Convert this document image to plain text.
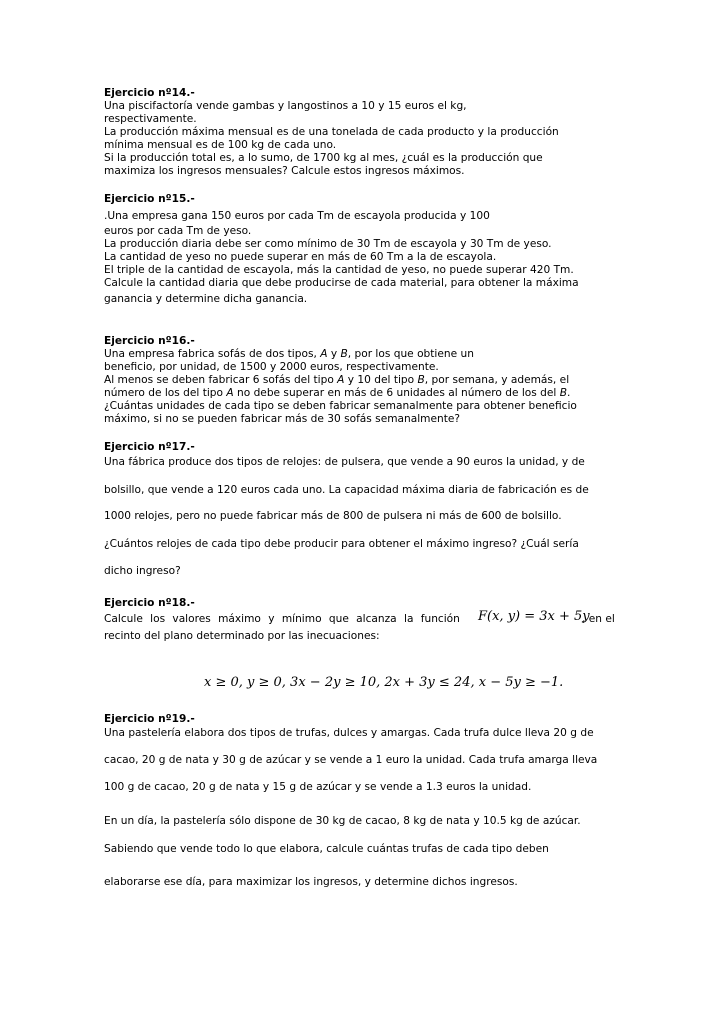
Ejercicio nº14.-
Una piscifactoría vende gambas y langostinos a 10 y 15 euros el kg,
respectivamente.
La producción máxima mensual es de una tonelada de cada producto y la producción
mínima mensual es de 100 kg de cada uno.
Si la producción total es, a lo sumo, de 1700 kg al mes, ¿cuál es la producción que
maximiza los ingresos mensuales? Calcule estos ingresos máximos.
Ejercicio nº15.-
.Una empresa gana 150 euros por cada Tm de escayola producida y 100
euros por cada Tm de yeso.
La producción diaria debe ser como mínimo de 30 Tm de escayola y 30 Tm de yeso.
La cantidad de yeso no puede superar en más de 60 Tm a la de escayola.
El triple de la cantidad de escayola, más la cantidad de yeso, no puede superar 420 Tm.
Calcule la cantidad diaria que debe producirse de cada material, para obtener la máxima
ganancia y determine dicha ganancia.
Ejercicio nº16.-
Una empresa fabrica sofás de dos tipos, A y B, por los que obtiene un
beneficio, por unidad, de 1500 y 2000 euros, respectivamente.
Al menos se deben fabricar 6 sofás del tipo A y 10 del tipo B, por semana, y además, el
número de los del tipo A no debe superar en más de 6 unidades al número de los del B.
¿Cuántas unidades de cada tipo se deben fabricar semanalmente para obtener beneficio
máximo, si no se pueden fabricar más de 30 sofás semanalmente?
Ejercicio nº17.-
Una fábrica produce dos tipos de relojes: de pulsera, que vende a 90 euros la unidad, y de
bolsillo, que vende a 120 euros cada uno. La capacidad máxima diaria de fabricación es de
1000 relojes, pero no puede fabricar más de 800 de pulsera ni más de 600 de bolsillo.
¿Cuántos relojes de cada tipo debe producir para obtener el máximo ingreso? ¿Cuál sería
dicho ingreso?
Ejercicio nº18.-
Calcule los valores máximo y mínimo que alcanza la función F(x, y) = 3x + 5y
, en el
recinto del plano determinado por las inecuaciones:
x ≥ 0, y ≥ 0, 3x − 2y ≥ 10, 2x + 3y ≤ 24, x − 5y ≥ −1.
Ejercicio nº19.-
Una pastelería elabora dos tipos de trufas, dulces y amargas. Cada trufa dulce lleva 20 g de
cacao, 20 g de nata y 30 g de azúcar y se vende a 1 euro la unidad. Cada trufa amarga lleva
100 g de cacao, 20 g de nata y 15 g de azúcar y se vende a 1.3 euros la unidad.
En un día, la pastelería sólo dispone de 30 kg de cacao, 8 kg de nata y 10.5 kg de azúcar.
Sabiendo que vende todo lo que elabora, calcule cuántas trufas de cada tipo deben
elaborarse ese día, para maximizar los ingresos, y determine dichos ingresos.
